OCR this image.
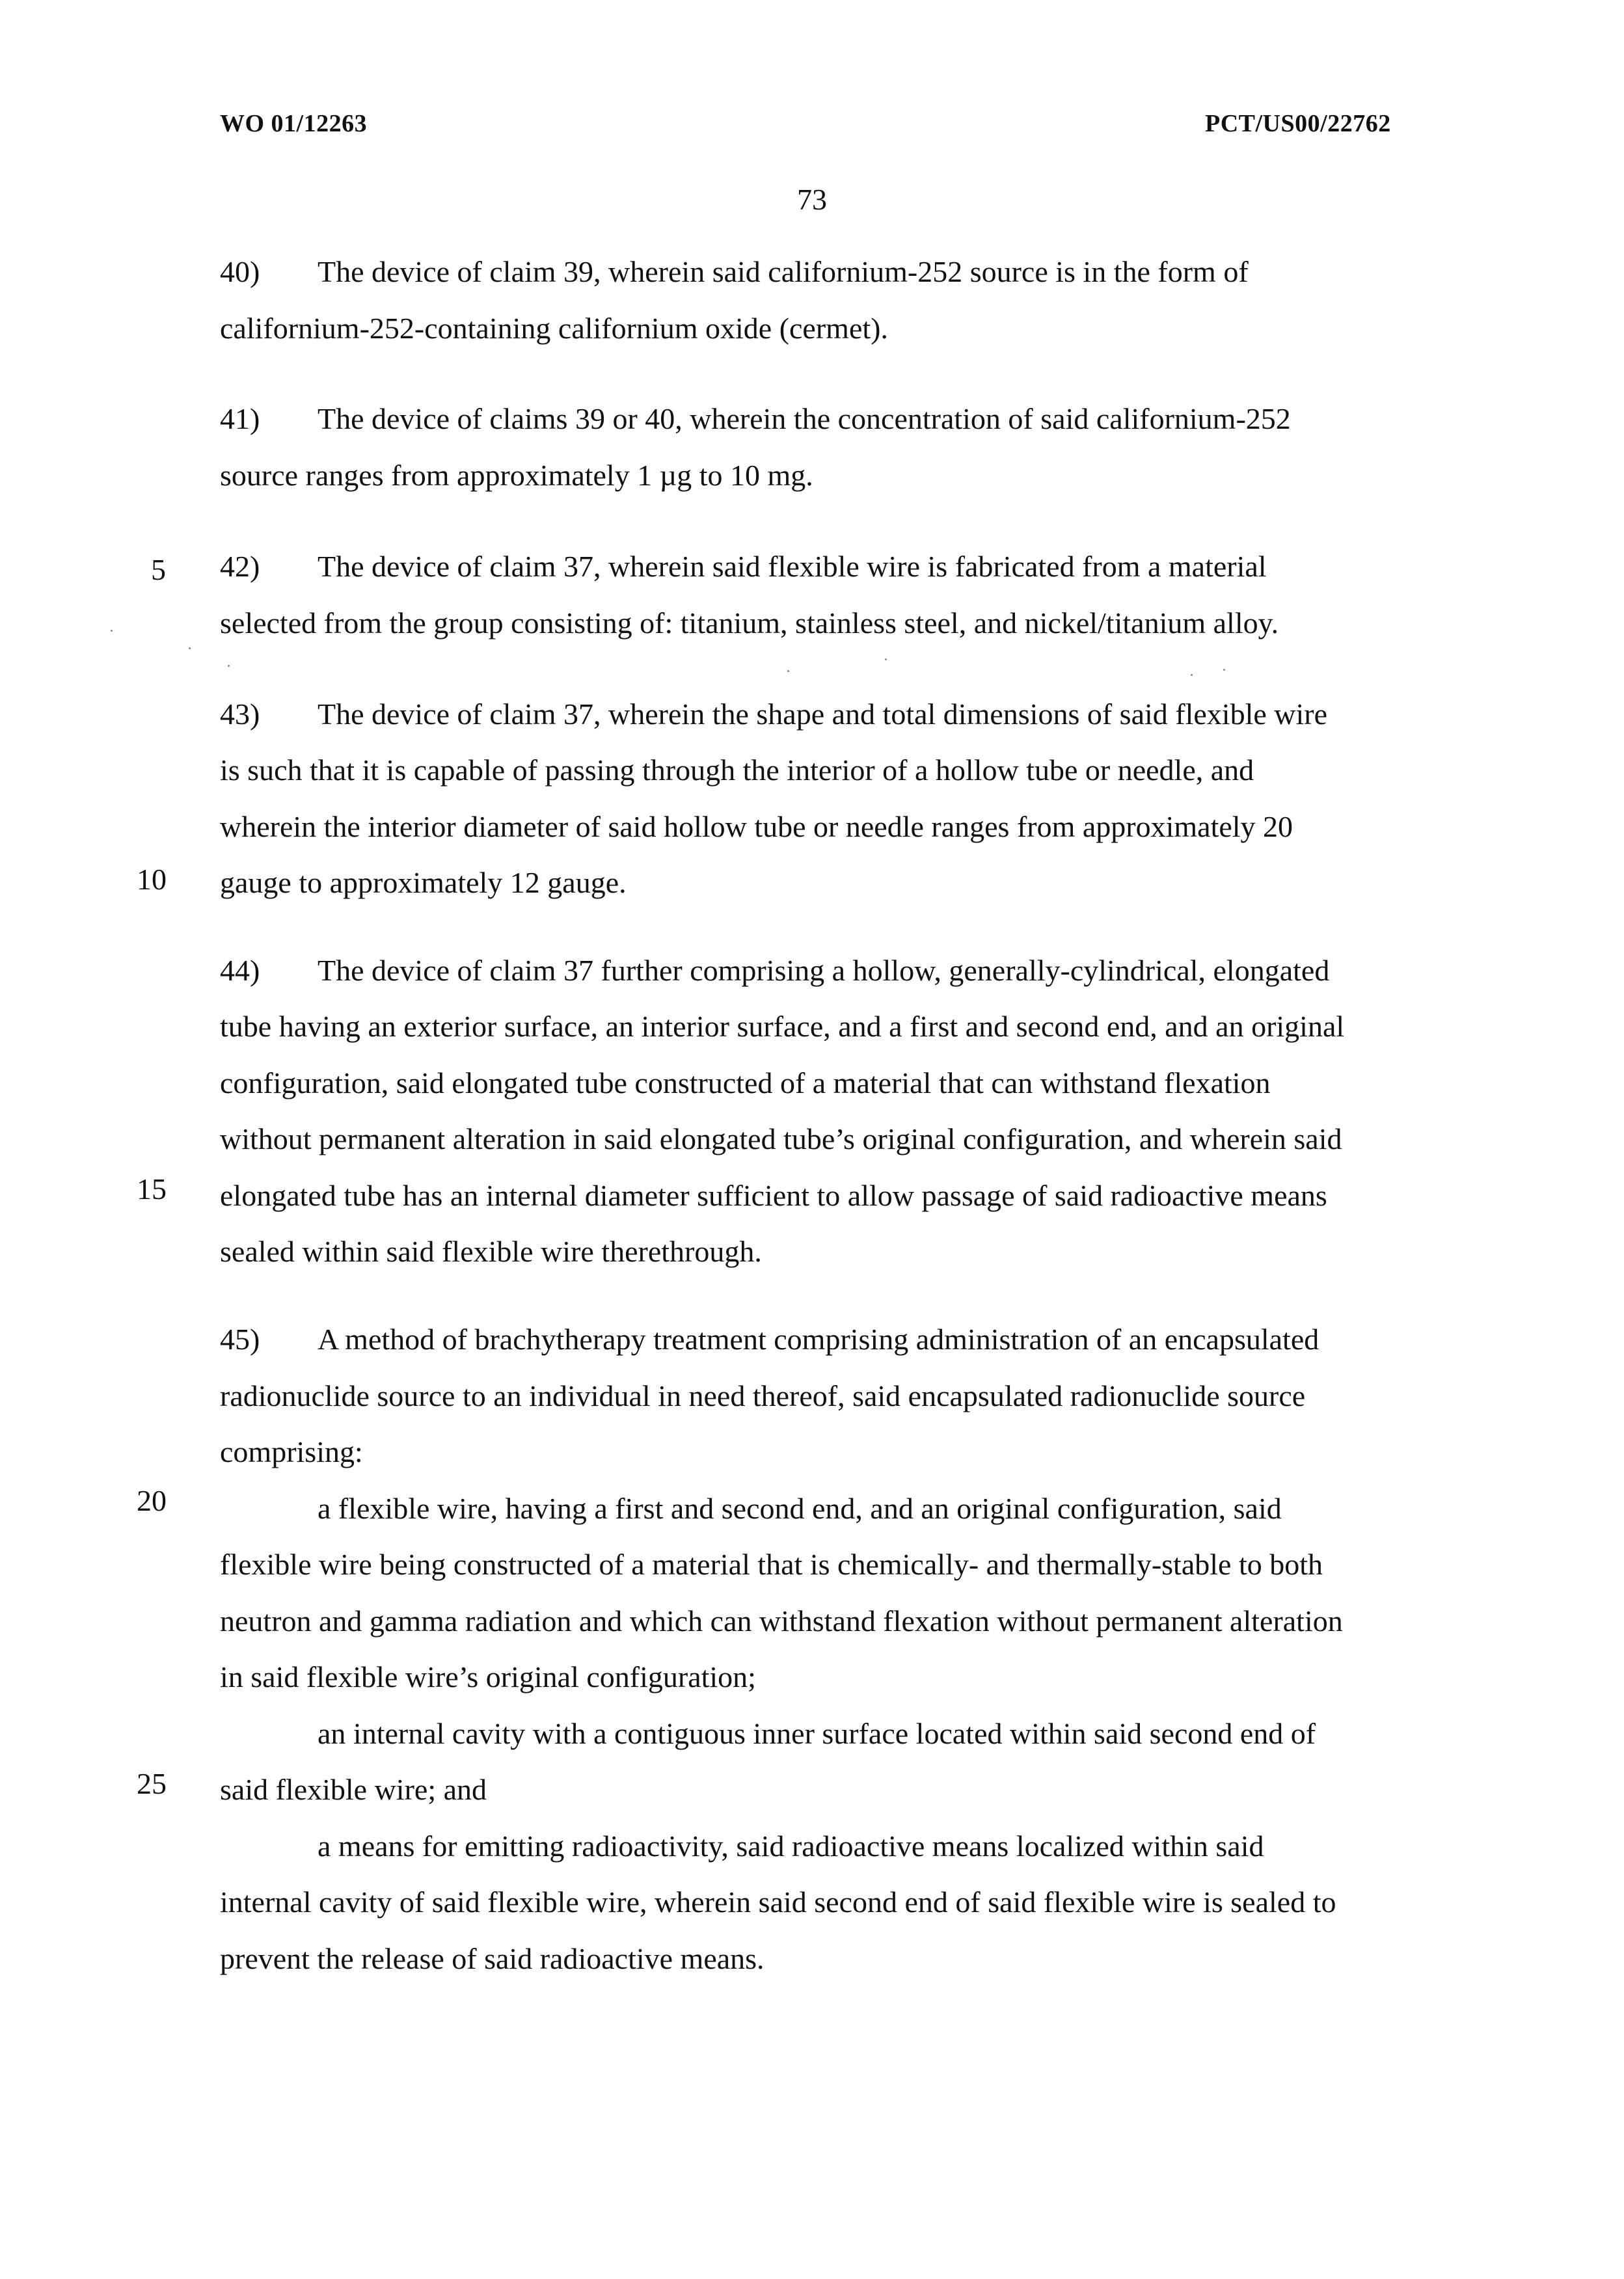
WO 01/12263	PCT/US00/22762
73
5
10
15
20
25
40) The device of claim 39, wherein said californium-252 source is in the form of
californium-252-containing californium oxide (cermet).
41) The device of claims 39 or 40, wherein the concentration of said californium-252
source ranges from approximately 1 µg to 10 mg.
42) The device of claim 37, wherein said flexible wire is fabricated from a material
selected from the group consisting of: titanium, stainless steel, and nickel/titanium alloy.
43) The device of claim 37, wherein the shape and total dimensions of said flexible wire
is such that it is capable of passing through the interior of a hollow tube or needle, and
wherein the interior diameter of said hollow tube or needle ranges from approximately 20
gauge to approximately 12 gauge.
44) The device of claim 37 further comprising a hollow, generally-cylindrical, elongated
tube having an exterior surface, an interior surface, and a first and second end, and an original
configuration, said elongated tube constructed of a material that can withstand flexation
without permanent alteration in said elongated tube’s original configuration, and wherein said
elongated tube has an internal diameter sufficient to allow passage of said radioactive means
sealed within said flexible wire therethrough.
45) A method of brachytherapy treatment comprising administration of an encapsulated
radionuclide source to an individual in need thereof, said encapsulated radionuclide source
comprising:
a flexible wire, having a first and second end, and an original configuration, said
flexible wire being constructed of a material that is chemically- and thermally-stable to both
neutron and gamma radiation and which can withstand flexation without permanent alteration
in said flexible wire’s original configuration;
an internal cavity with a contiguous inner surface located within said second end of
said flexible wire; and
a means for emitting radioactivity, said radioactive means localized within said
internal cavity of said flexible wire, wherein said second end of said flexible wire is sealed to
prevent the release of said radioactive means.
